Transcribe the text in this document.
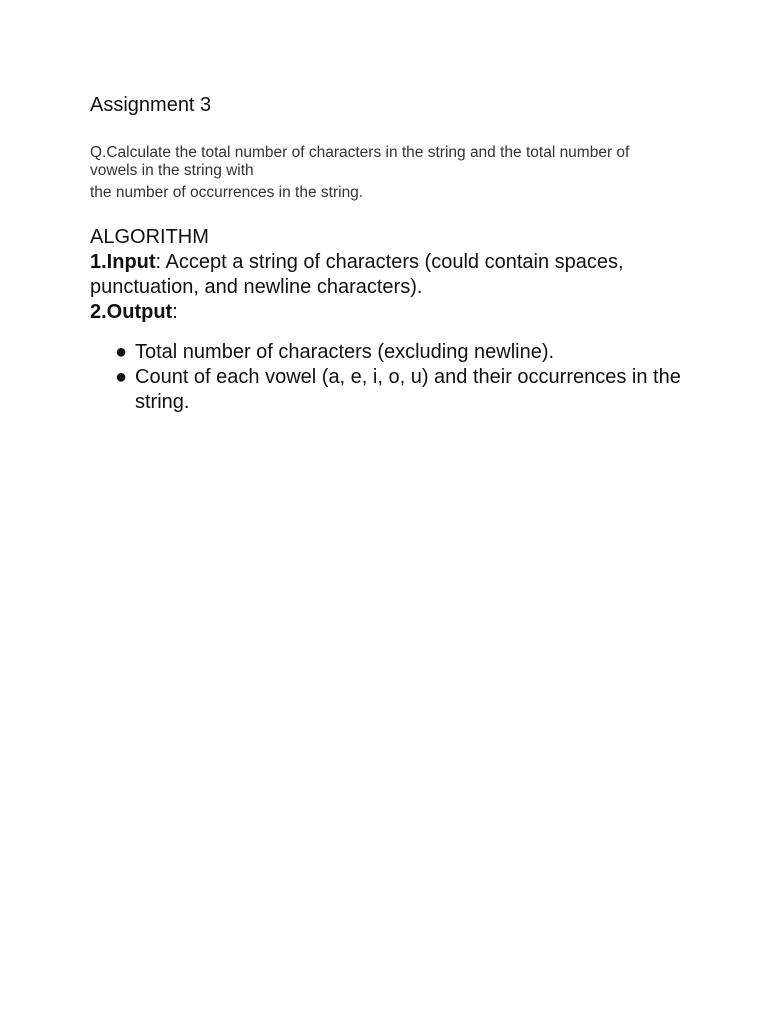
Assignment 3
Q.Calculate the total number of characters in the string and the total number of
vowels in the string with
the number of occurrences in the string.
ALGORITHM
1.Input: Accept a string of characters (could contain spaces,
punctuation, and newline characters).
2.Output:
● Total number of characters (excluding newline).
● Count of each vowel (a, e, i, o, u) and their occurrences in the string.
